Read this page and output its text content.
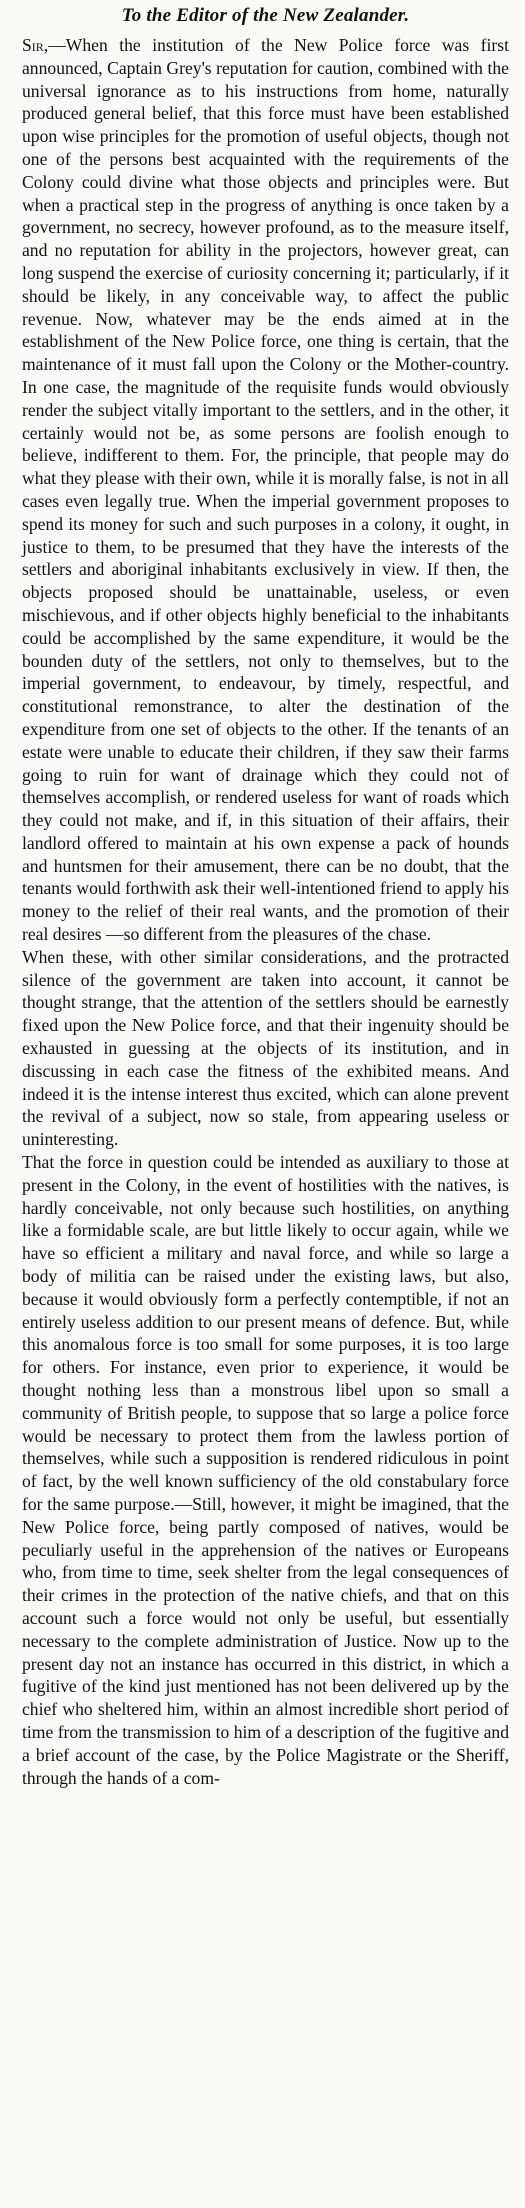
To the Editor of the New Zealander.

Sir,—When the institution of the New Police force was first announced, Captain Grey's reputation for caution, combined with the universal ignorance as to his instructions from home, naturally produced general belief, that this force must have been established upon wise principles for the promotion of useful objects, though not one of the persons best acquainted with the requirements of the Colony could divine what those objects and principles were. But when a practical step in the progress of anything is once taken by a government, no secrecy, however profound, as to the measure itself, and no reputation for ability in the projectors, however great, can long suspend the exercise of curiosity concerning it; particularly, if it should be likely, in any conceivable way, to affect the public revenue. Now, whatever may be the ends aimed at in the establishment of the New Police force, one thing is certain, that the maintenance of it must fall upon the Colony or the Mother-country. In one case, the magnitude of the requisite funds would obviously render the subject vitally important to the settlers, and in the other, it certainly would not be, as some persons are foolish enough to believe, indifferent to them. For, the principle, that people may do what they please with their own, while it is morally false, is not in all cases even legally true. When the imperial government proposes to spend its money for such and such purposes in a colony, it ought, in justice to them, to be presumed that they have the interests of the settlers and aboriginal inhabitants exclusively in view. If then, the objects proposed should be unattainable, useless, or even mischievous, and if other objects highly beneficial to the inhabitants could be accomplished by the same expenditure, it would be the bounden duty of the settlers, not only to themselves, but to the imperial government, to endeavour, by timely, respectful, and constitutional remonstrance, to alter the destination of the expenditure from one set of objects to the other. If the tenants of an estate were unable to educate their children, if they saw their farms going to ruin for want of drainage which they could not of themselves accomplish, or rendered useless for want of roads which they could not make, and if, in this situation of their affairs, their landlord offered to maintain at his own expense a pack of hounds and huntsmen for their amusement, there can be no doubt, that the tenants would forthwith ask their well-intentioned friend to apply his money to the relief of their real wants, and the promotion of their real desires —so different from the pleasures of the chase.

When these, with other similar considerations, and the protracted silence of the government are taken into account, it cannot be thought strange, that the attention of the settlers should be earnestly fixed upon the New Police force, and that their ingenuity should be exhausted in guessing at the objects of its institution, and in discussing in each case the fitness of the exhibited means. And indeed it is the intense interest thus excited, which can alone prevent the revival of a subject, now so stale, from appearing useless or uninteresting.

That the force in question could be intended as auxiliary to those at present in the Colony, in the event of hostilities with the natives, is hardly conceivable, not only because such hostilities, on anything like a formidable scale, are but little likely to occur again, while we have so efficient a military and naval force, and while so large a body of militia can be raised under the existing laws, but also, because it would obviously form a perfectly contemptible, if not an entirely useless addition to our present means of defence. But, while this anomalous force is too small for some purposes, it is too large for others. For instance, even prior to experience, it would be thought nothing less than a monstrous libel upon so small a community of British people, to suppose that so large a police force would be necessary to protect them from the lawless portion of themselves, while such a supposition is rendered ridiculous in point of fact, by the well known sufficiency of the old constabulary force for the same purpose.—Still, however, it might be imagined, that the New Police force, being partly composed of natives, would be peculiarly useful in the apprehension of the natives or Europeans who, from time to time, seek shelter from the legal consequences of their crimes in the protection of the native chiefs, and that on this account such a force would not only be useful, but essentially necessary to the complete administration of Justice. Now up to the present day not an instance has occurred in this district, in which a fugitive of the kind just mentioned has not been delivered up by the chief who sheltered him, within an almost incredible short period of time from the transmission to him of a description of the fugitive and a brief account of the case, by the Police Magistrate or the Sheriff, through the hands of a com-
